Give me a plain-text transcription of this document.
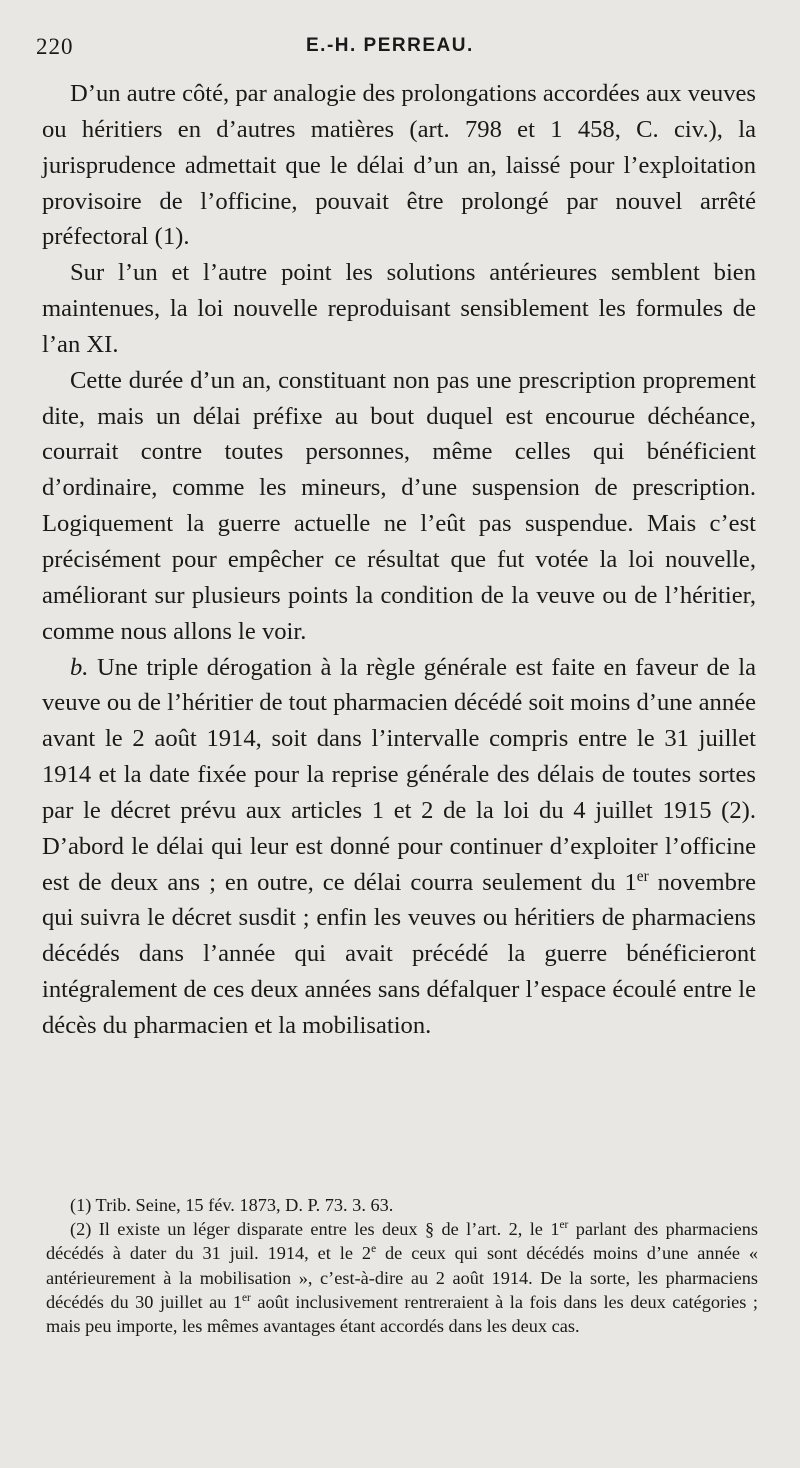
220	E.-H. PERREAU.

D’un autre côté, par analogie des prolongations accordées aux veuves ou héritiers en d’autres matières (art. 798 et 1 458, C. civ.), la jurisprudence admettait que le délai d’un an, laissé pour l’exploitation provisoire de l’officine, pouvait être prolongé par nouvel arrêté préfectoral (1).

Sur l’un et l’autre point les solutions antérieures semblent bien maintenues, la loi nouvelle reproduisant sensiblement les formules de l’an XI.

Cette durée d’un an, constituant non pas une prescription proprement dite, mais un délai préfixe au bout duquel est encourue déchéance, courrait contre toutes personnes, même celles qui bénéficient d’ordinaire, comme les mineurs, d’une suspension de prescription. Logiquement la guerre actuelle ne l’eût pas suspendue. Mais c’est précisément pour empêcher ce résultat que fut votée la loi nouvelle, améliorant sur plusieurs points la condition de la veuve ou de l’héritier, comme nous allons le voir.

b. Une triple dérogation à la règle générale est faite en faveur de la veuve ou de l’héritier de tout pharmacien décédé soit moins d’une année avant le 2 août 1914, soit dans l’intervalle compris entre le 31 juillet 1914 et la date fixée pour la reprise générale des délais de toutes sortes par le décret prévu aux articles 1 et 2 de la loi du 4 juillet 1915 (2). D’abord le délai qui leur est donné pour continuer d’exploiter l’officine est de deux ans ; en outre, ce délai courra seulement du 1er novembre qui suivra le décret susdit ; enfin les veuves ou héritiers de pharmaciens décédés dans l’année qui avait précédé la guerre bénéficieront intégralement de ces deux années sans défalquer l’espace écoulé entre le décès du pharmacien et la mobilisation.

(1) Trib. Seine, 15 fév. 1873, D. P. 73. 3. 63.

(2) Il existe un léger disparate entre les deux § de l’art. 2, le 1er parlant des pharmaciens décédés à dater du 31 juil. 1914, et le 2e de ceux qui sont décédés moins d’une année « antérieurement à la mobilisation », c’est-à-dire au 2 août 1914. De la sorte, les pharmaciens décédés du 30 juillet au 1er août inclusivement rentreraient à la fois dans les deux catégories ; mais peu importe, les mêmes avantages étant accordés dans les deux cas.
